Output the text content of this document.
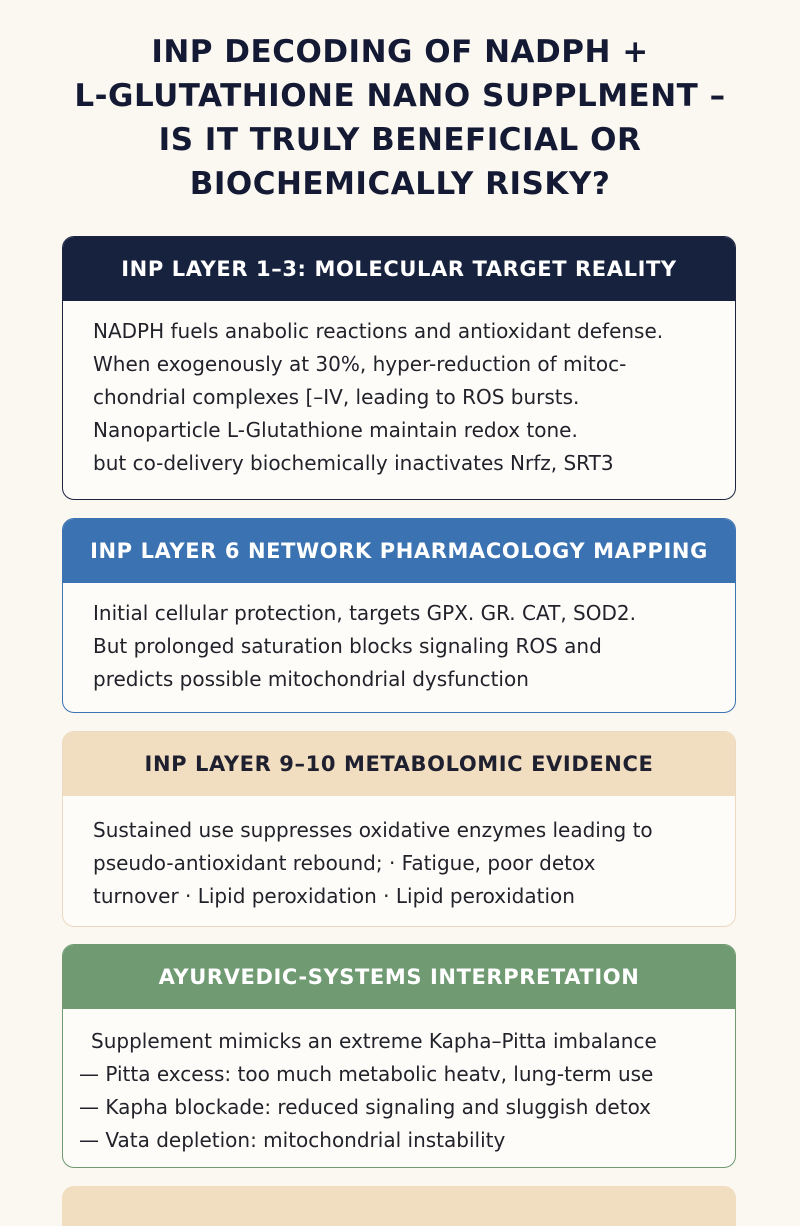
INP DECODING OF NADPH +
L-GLUTATHIONE NANO SUPPLMENT –
IS IT TRULY BENEFICIAL OR
BIOCHEMICALLY RISKY?
INP LAYER 1–3: MOLECULAR TARGET REALITY
NADPH fuels anabolic reactions and antioxidant defense.
When exogenously at 30%, hyper-reduction of mitoc-
chondrial complexes [–IV, leading to ROS bursts.
Nanoparticle L-Glutathione maintain redox tone.
but co-delivery biochemically inactivates Nrfz, SRT3
INP LAYER 6 NETWORK PHARMACOLOGY MAPPING
Initial cellular protection, targets GPX. GR. CAT, SOD2.
But prolonged saturation blocks signaling ROS and
predicts possible mitochondrial dysfunction
INP LAYER 9–10 METABOLOMIC EVIDENCE
Sustained use suppresses oxidative enzymes leading to
pseudo-antioxidant rebound; · Fatigue, poor detox
turnover · Lipid peroxidation · Lipid peroxidation
AYURVEDIC-SYSTEMS INTERPRETATION
Supplement mimicks an extreme Kapha–Pitta imbalance
— Pitta excess: too much metabolic heatv, lung-term use
— Kapha blockade: reduced signaling and sluggish detox
— Vata depletion: mitochondrial instability
